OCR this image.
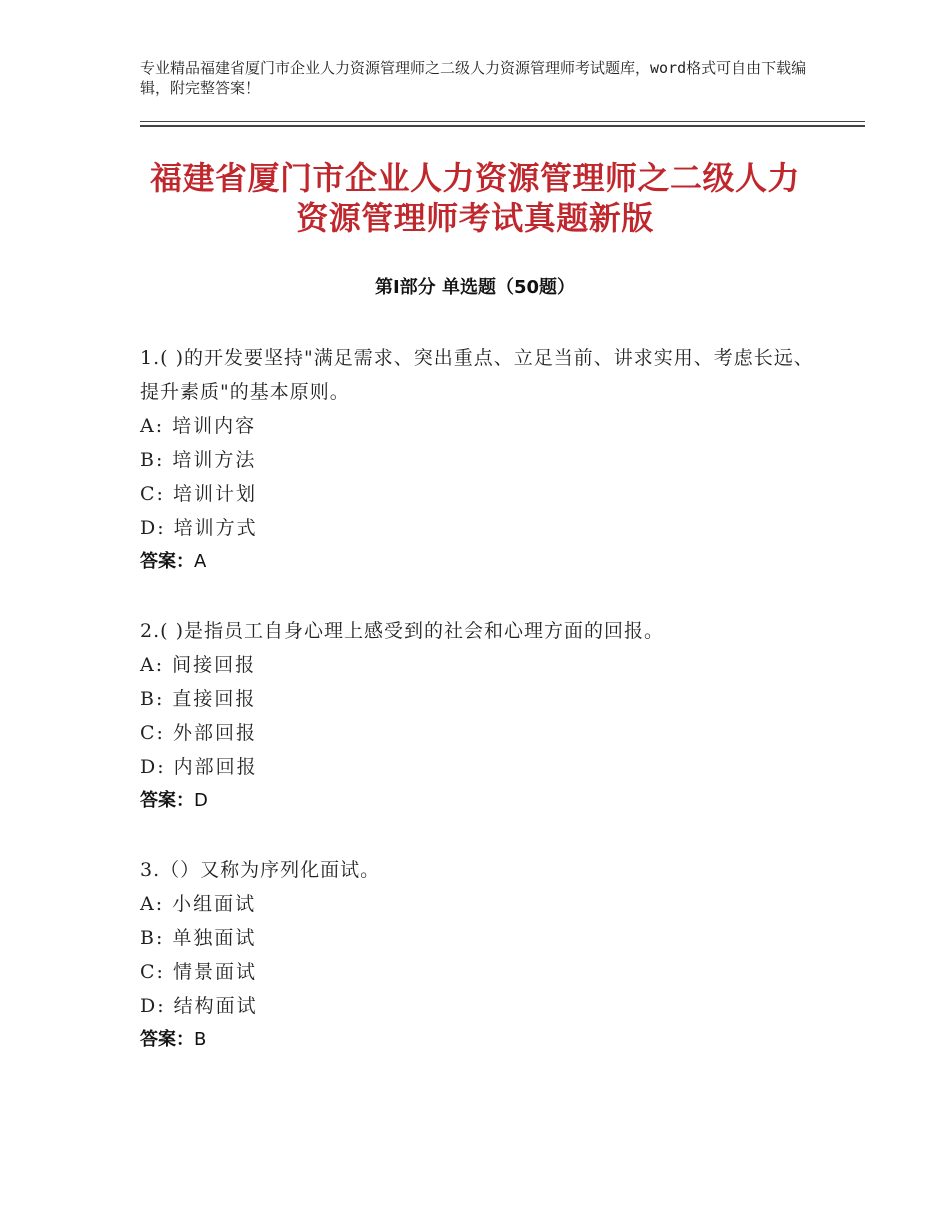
专业精品福建省厦门市企业人力资源管理师之二级人力资源管理师考试题库，word格式可自由下载编辑，附完整答案！
福建省厦门市企业人力资源管理师之二级人力资源管理师考试真题新版
第Ⅰ部分 单选题（50题）

1.( )的开发要坚持"满足需求、突出重点、立足当前、讲求实用、考虑长远、提升素质"的基本原则。

A: 培训内容

B: 培训方法

C: 培训计划

D: 培训方式

答案：A

2.( )是指员工自身心理上感受到的社会和心理方面的回报。

A: 间接回报

B: 直接回报

C: 外部回报

D: 内部回报

答案：D

3.（）又称为序列化面试。

A: 小组面试

B: 单独面试

C: 情景面试

D: 结构面试

答案：B
